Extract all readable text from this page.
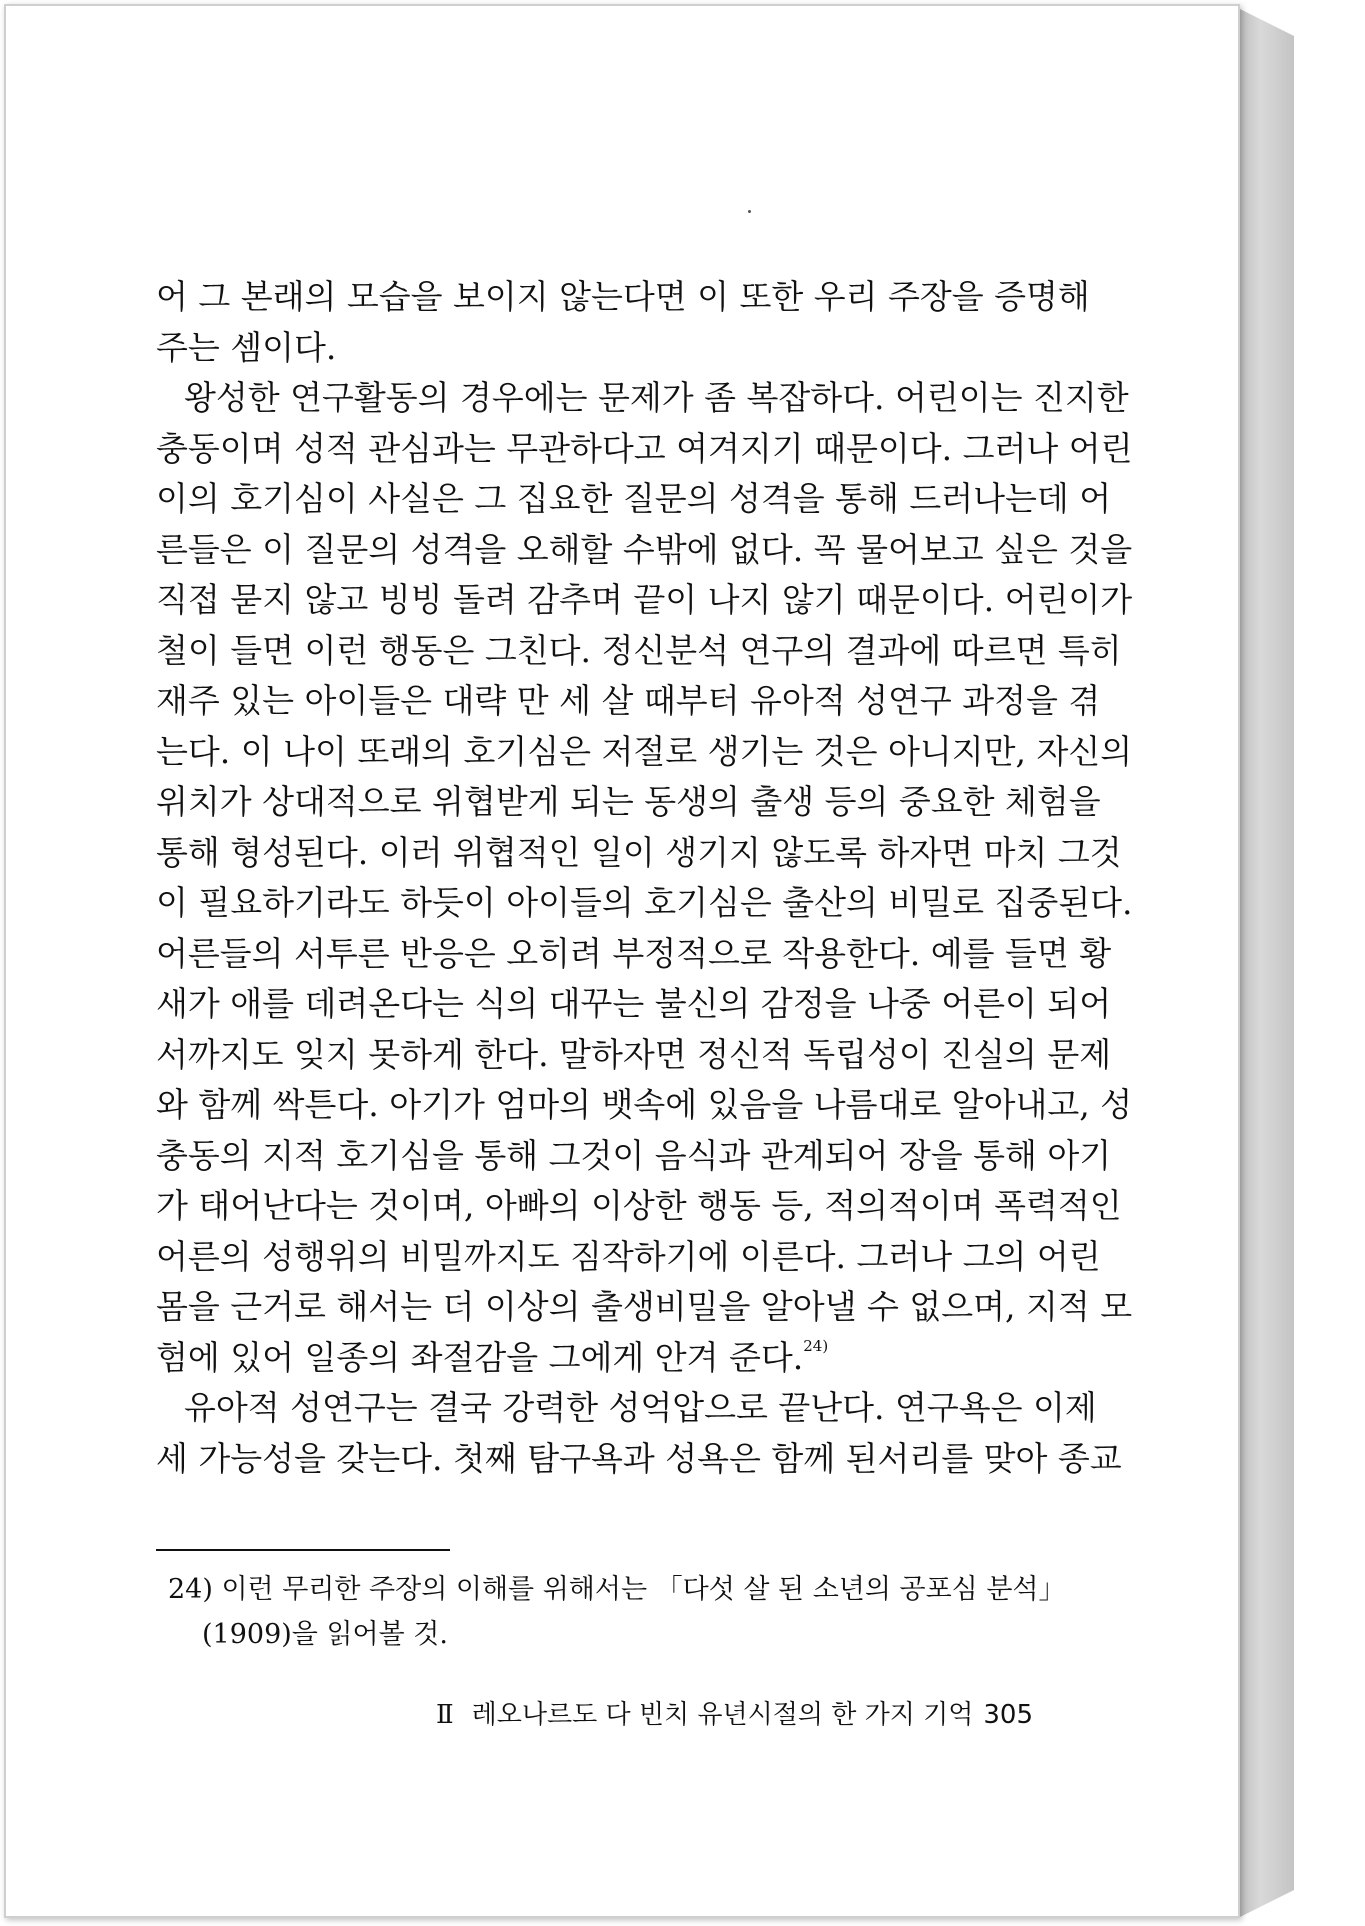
어 그 본래의 모습을 보이지 않는다면 이 또한 우리 주장을 증명해
주는 셈이다.
왕성한 연구활동의 경우에는 문제가 좀 복잡하다. 어린이는 진지한
충동이며 성적 관심과는 무관하다고 여겨지기 때문이다. 그러나 어린
이의 호기심이 사실은 그 집요한 질문의 성격을 통해 드러나는데 어
른들은 이 질문의 성격을 오해할 수밖에 없다. 꼭 물어보고 싶은 것을
직접 묻지 않고 빙빙 돌려 감추며 끝이 나지 않기 때문이다. 어린이가
철이 들면 이런 행동은 그친다. 정신분석 연구의 결과에 따르면 특히
재주 있는 아이들은 대략 만 세 살 때부터 유아적 성연구 과정을 겪
는다. 이 나이 또래의 호기심은 저절로 생기는 것은 아니지만, 자신의
위치가 상대적으로 위협받게 되는 동생의 출생 등의 중요한 체험을
통해 형성된다. 이러 위협적인 일이 생기지 않도록 하자면 마치 그것
이 필요하기라도 하듯이 아이들의 호기심은 출산의 비밀로 집중된다.
어른들의 서투른 반응은 오히려 부정적으로 작용한다. 예를 들면 황
새가 애를 데려온다는 식의 대꾸는 불신의 감정을 나중 어른이 되어
서까지도 잊지 못하게 한다. 말하자면 정신적 독립성이 진실의 문제
와 함께 싹튼다. 아기가 엄마의 뱃속에 있음을 나름대로 알아내고, 성
충동의 지적 호기심을 통해 그것이 음식과 관계되어 장을 통해 아기
가 태어난다는 것이며, 아빠의 이상한 행동 등, 적의적이며 폭력적인
어른의 성행위의 비밀까지도 짐작하기에 이른다. 그러나 그의 어린
몸을 근거로 해서는 더 이상의 출생비밀을 알아낼 수 없으며, 지적 모
험에 있어 일종의 좌절감을 그에게 안겨 준다.$^{24)}$
유아적 성연구는 결국 강력한 성억압으로 끝난다. 연구욕은 이제
세 가능성을 갖는다. 첫째 탐구욕과 성욕은 함께 된서리를 맞아 종교
24) 이런 무리한 주장의 이해를 위해서는 「다섯 살 된 소년의 공포심 분석」
(1909)을 읽어볼 것.
Ⅱ 레오나르도 다 빈치 유년시절의 한 가지 기억 305
